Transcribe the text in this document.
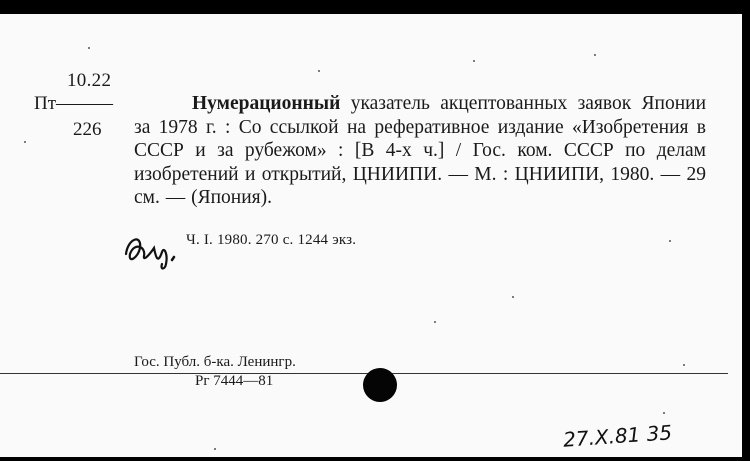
10.22
Пт———
226

Нумерационный указатель акцептованных заявок Японии за 1978 г. : Со ссылкой на реферативное издание «Изобретения в СССР и за рубежом» : [В 4-х ч.] / Гос. ком. СССР по делам изобретений и открытий, ЦНИИПИ. — М. : ЦНИИПИ, 1980. — 29 см. — (Япония).

Ч. I. 1980. 270 с. 1244 экз.
Гос. Публ. б-ка. Ленингр.
Рг 7444—81
27.X.81 35
